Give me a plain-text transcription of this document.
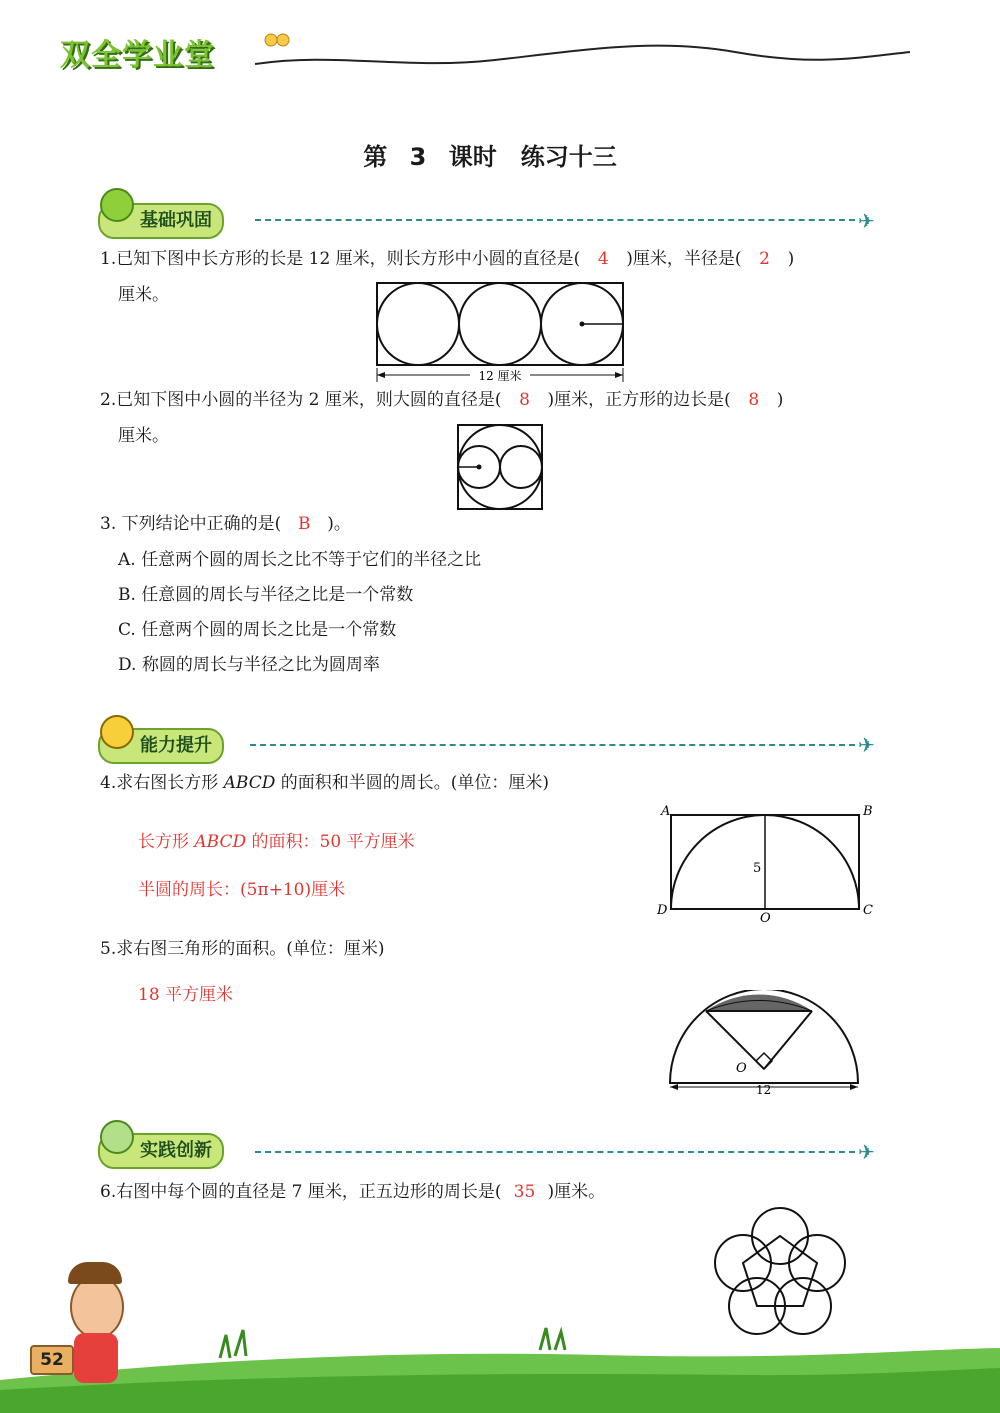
双全学业堂
第 3 课时　练习十三
基础巩固	✈
1.已知下图中长方形的长是 12 厘米，则长方形中小圆的直径是( 4 )厘米，半径是( 2 )
厘米。
12 厘米
2.已知下图中小圆的半径为 2 厘米，则大圆的直径是( 8 )厘米，正方形的边长是( 8 )
厘米。
3. 下列结论中正确的是( B )。
A. 任意两个圆的周长之比不等于它们的半径之比
B. 任意圆的周长与半径之比是一个常数
C. 任意两个圆的周长之比是一个常数
D. 称圆的周长与半径之比为圆周率
能力提升	✈
4.求右图长方形 ABCD 的面积和半圆的周长。(单位：厘米)
长方形 ABCD 的面积：50 平方厘米
半圆的周长：(5π+10)厘米
A	B
C
D
O
5
5.求右图三角形的面积。(单位：厘米)
18 平方厘米
O
12
实践创新	✈
6.右图中每个圆的直径是 7 厘米，正五边形的周长是( 35 )厘米。
52
